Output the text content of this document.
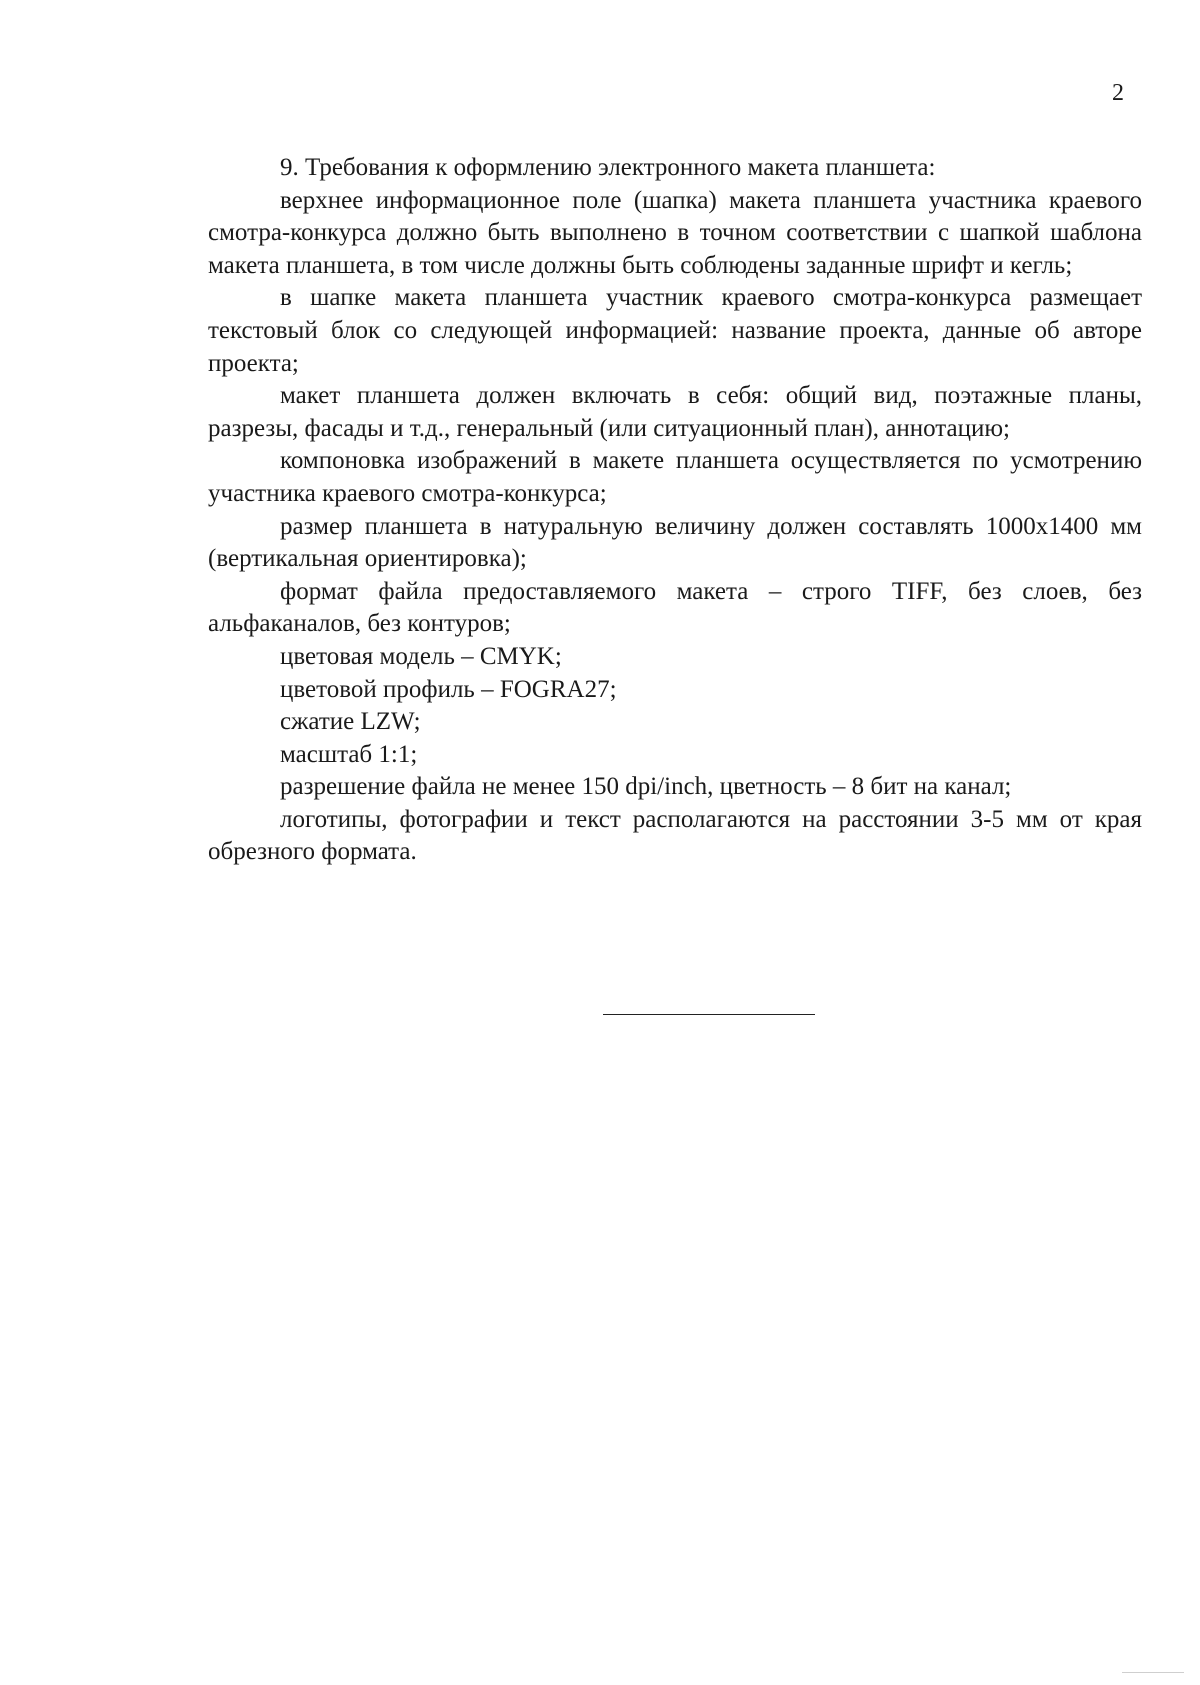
2

9. Требования к оформлению электронного макета планшета:

верхнее информационное поле (шапка) макета планшета участника краевого смотра-конкурса должно быть выполнено в точном соответствии с шапкой шаблона макета планшета, в том числе должны быть соблюдены заданные шрифт и кегль;

в шапке макета планшета участник краевого смотра-конкурса размещает текстовый блок со следующей информацией: название проекта, данные об авторе проекта;

макет планшета должен включать в себя: общий вид, поэтажные планы, разрезы, фасады и т.д., генеральный (или ситуационный план), аннотацию;

компоновка изображений в макете планшета осуществляется по усмотрению участника краевого смотра-конкурса;

размер планшета в натуральную величину должен составлять 1000х1400 мм (вертикальная ориентировка);

формат файла предоставляемого макета – строго TIFF, без слоев, без альфаканалов, без контуров;

цветовая модель – CMYK;

цветовой профиль – FOGRA27;

сжатие LZW;

масштаб 1:1;

разрешение файла не менее 150 dpi/inch, цветность – 8 бит на канал;

логотипы, фотографии и текст располагаются на расстоянии 3-5 мм от края обрезного формата.
